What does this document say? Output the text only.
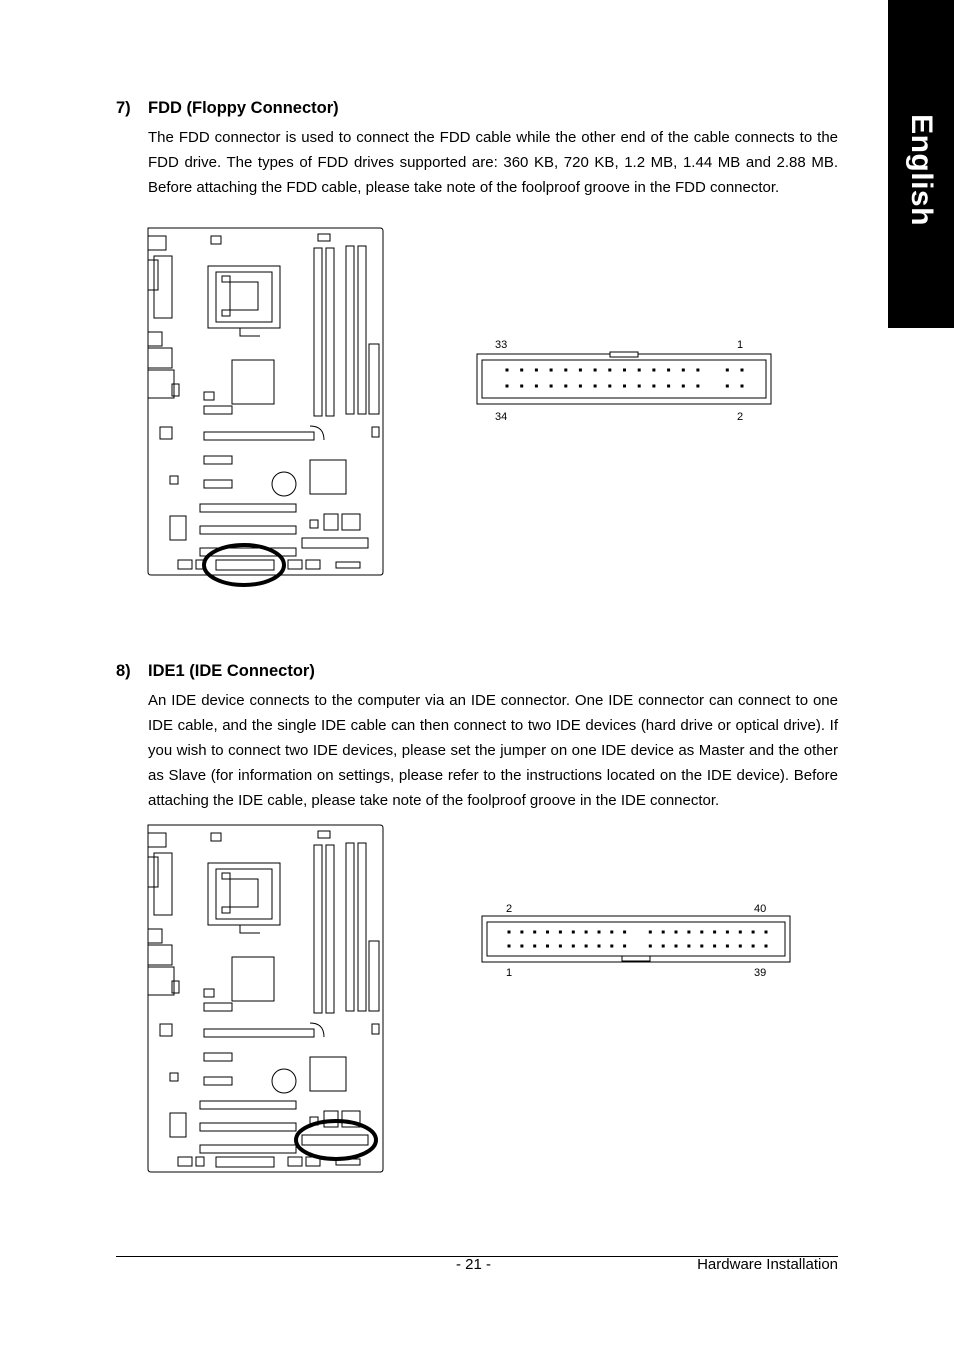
English
7) FDD (Floppy Connector)
The FDD connector is used to connect the FDD cable while the other end of the cable connects to the FDD drive. The types of FDD drives supported are: 360 KB, 720 KB, 1.2 MB, 1.44 MB and 2.88 MB. Before attaching the FDD cable, please take note of the foolproof groove in the FDD connector.
33	1
34	2
8) IDE1 (IDE Connector)
An IDE device connects to the computer via an IDE connector. One IDE connector can connect to one IDE cable, and the single IDE cable can then connect to two IDE devices (hard drive or optical drive). If you wish to connect two IDE devices, please set the jumper on one IDE device as Master and the other as Slave (for information on settings, please refer to the instructions located on the IDE device). Before attaching the IDE cable, please take note of the foolproof groove in the IDE connector.
2	40
1	39
- 21 -	Hardware Installation
